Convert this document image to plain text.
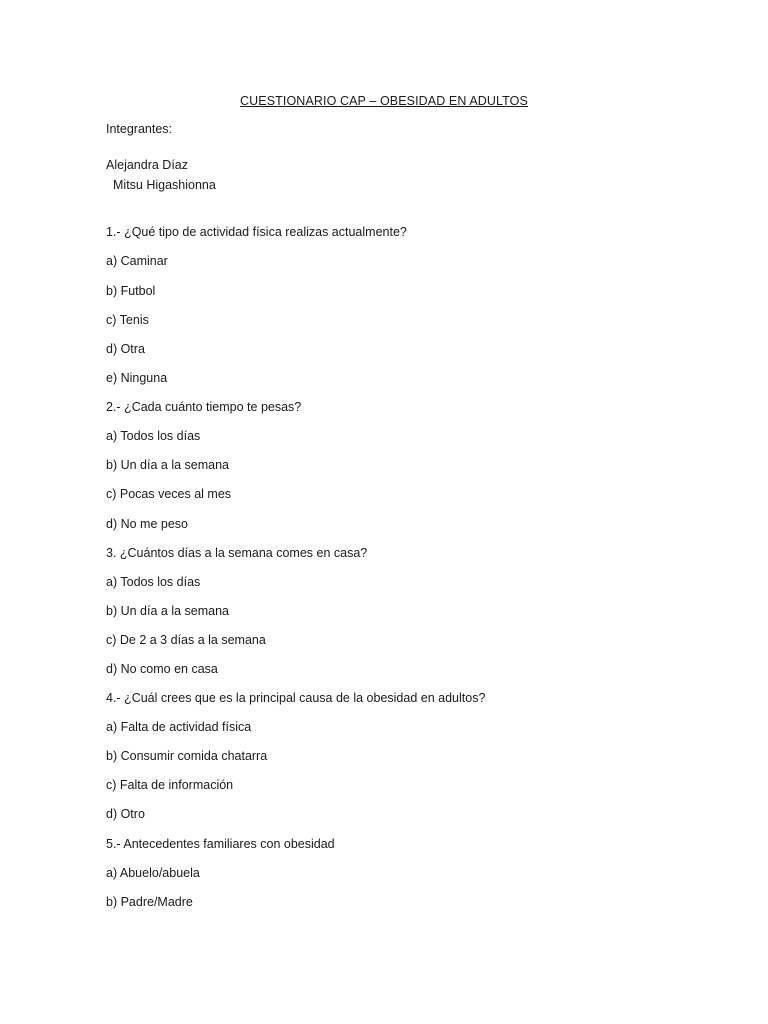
CUESTIONARIO CAP – OBESIDAD EN ADULTOS
Integrantes:
Alejandra Díaz
Mitsu Higashionna
1.- ¿Qué tipo de actividad física realizas actualmente?
a) Caminar
b) Futbol
c) Tenis
d) Otra
e) Ninguna
2.- ¿Cada cuánto tiempo te pesas?
a) Todos los días
b) Un día a la semana
c) Pocas veces al mes
d) No me peso
3. ¿Cuántos días a la semana comes en casa?
a) Todos los días
b) Un día a la semana
c) De 2 a 3 días a la semana
d) No como en casa
4.- ¿Cuál crees que es la principal causa de la obesidad en adultos?
a) Falta de actividad física
b) Consumir comida chatarra
c) Falta de información
d) Otro
5.- Antecedentes familiares con obesidad
a) Abuelo/abuela
b) Padre/Madre
